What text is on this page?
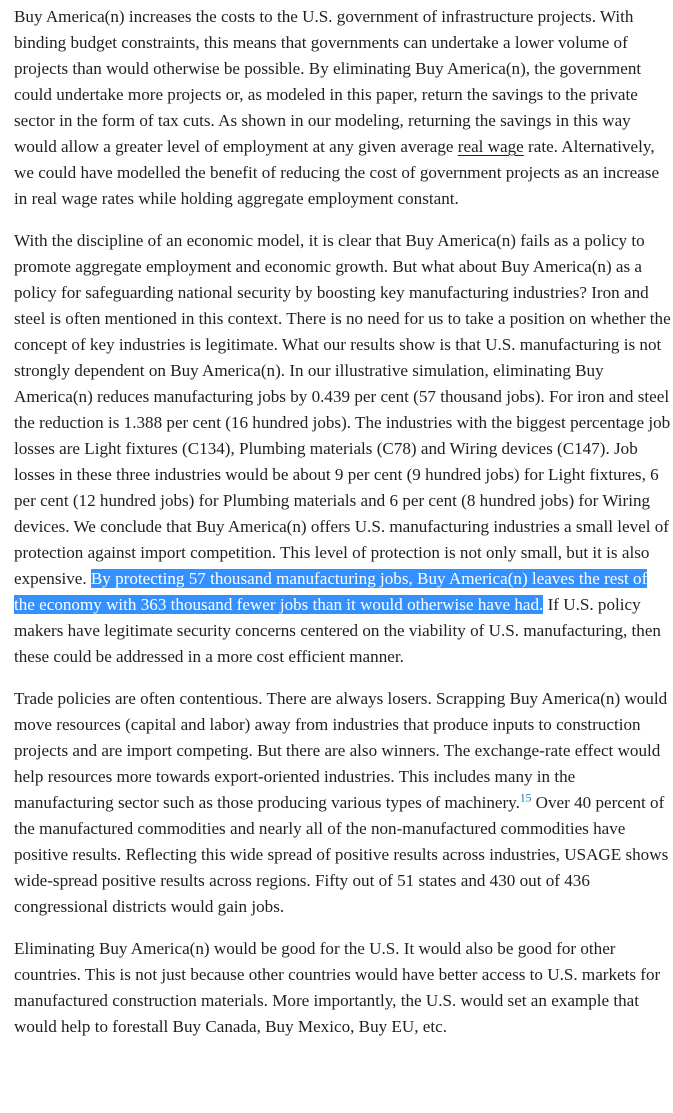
Buy America(n) increases the costs to the U.S. government of infrastructure projects. With binding budget constraints, this means that governments can undertake a lower volume of projects than would otherwise be possible. By eliminating Buy America(n), the government could undertake more projects or, as modeled in this paper, return the savings to the private sector in the form of tax cuts. As shown in our modeling, returning the savings in this way would allow a greater level of employment at any given average real wage rate. Alternatively, we could have modelled the benefit of reducing the cost of government projects as an increase in real wage rates while holding aggregate employment constant.

With the discipline of an economic model, it is clear that Buy America(n) fails as a policy to promote aggregate employment and economic growth. But what about Buy America(n) as a policy for safeguarding national security by boosting key manufacturing industries? Iron and steel is often mentioned in this context. There is no need for us to take a position on whether the concept of key industries is legitimate. What our results show is that U.S. manufacturing is not strongly dependent on Buy America(n). In our illustrative simulation, eliminating Buy America(n) reduces manufacturing jobs by 0.439 per cent (57 thousand jobs). For iron and steel the reduction is 1.388 per cent (16 hundred jobs). The industries with the biggest percentage job losses are Light fixtures (C134), Plumbing materials (C78) and Wiring devices (C147). Job losses in these three industries would be about 9 per cent (9 hundred jobs) for Light fixtures, 6 per cent (12 hundred jobs) for Plumbing materials and 6 per cent (8 hundred jobs) for Wiring devices. We conclude that Buy America(n) offers U.S. manufacturing industries a small level of protection against import competition. This level of protection is not only small, but it is also expensive. By protecting 57 thousand manufacturing jobs, Buy America(n) leaves the rest of the economy with 363 thousand fewer jobs than it would otherwise have had. If U.S. policy makers have legitimate security concerns centered on the viability of U.S. manufacturing, then these could be addressed in a more cost efficient manner.

Trade policies are often contentious. There are always losers. Scrapping Buy America(n) would move resources (capital and labor) away from industries that produce inputs to construction projects and are import competing. But there are also winners. The exchange-rate effect would help resources more towards export-oriented industries. This includes many in the manufacturing sector such as those producing various types of machinery.$^{15}$ Over 40 percent of the manufactured commodities and nearly all of the non-manufactured commodities have positive results. Reflecting this wide spread of positive results across industries, USAGE shows wide-spread positive results across regions. Fifty out of 51 states and 430 out of 436 congressional districts would gain jobs.

Eliminating Buy America(n) would be good for the U.S. It would also be good for other countries. This is not just because other countries would have better access to U.S. markets for manufactured construction materials. More importantly, the U.S. would set an example that would help to forestall Buy Canada, Buy Mexico, Buy EU, etc.
